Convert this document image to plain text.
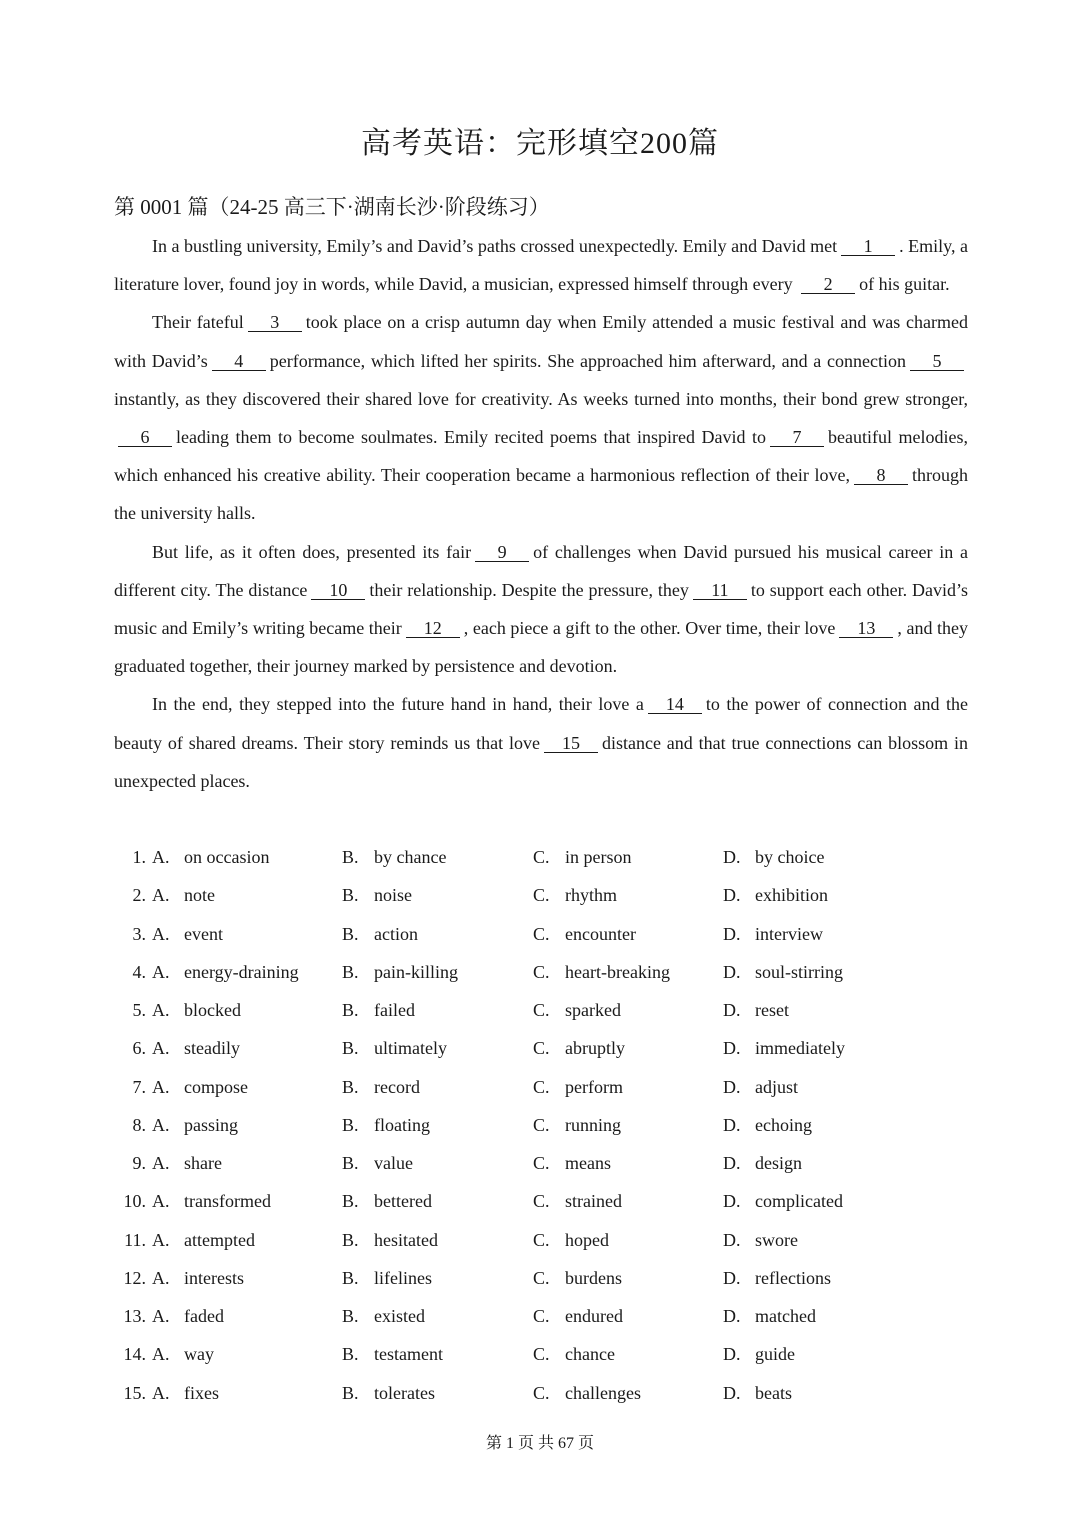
高考英语：完形填空200篇
第 0001 篇（24-25 高三下·湖南长沙·阶段练习）

In a bustling university, Emily’s and David’s paths crossed unexpectedly. Emily and David met 1 . Emily, a literature lover, found joy in words, while David, a musician, expressed himself through every 2 of his guitar.

Their fateful 3 took place on a crisp autumn day when Emily attended a music festival and was charmed with David’s 4 performance, which lifted her spirits. She approached him afterward, and a connection 5instantly, as they discovered their shared love for creativity. As weeks turned into months, their bond grew stronger,6 leading them to become soulmates. Emily recited poems that inspired David to 7 beautiful melodies, which enhanced his creative ability. Their cooperation became a harmonious reflection of their love, 8 through the university halls.

But life, as it often does, presented its fair 9 of challenges when David pursued his musical career in a different city. The distance 10 their relationship. Despite the pressure, they 11 to support each other. David’s music and Emily’s writing became their 12 , each piece a gift to the other. Over time, their love 13 , and they graduated together, their journey marked by persistence and devotion.

In the end, they stepped into the future hand in hand, their love a 14 to the power of connection and the beauty of shared dreams. Their story reminds us that love 15 distance and that true connections can blossom in unexpected places.

1 . A . on occasion	B . by chance	C . in person	D . by choice
2 . A . note	B . noise	C . rhythm	D . exhibition
3 . A . event	B . action	C . encounter	D . interview
4 . A . energy-draining B . pain-killing	C . heart-breaking	D . soul-stirring
5 . A . blocked	B . failed	C . sparked	D . reset
6 . A . steadily	B . ultimately	C . abruptly	D . immediately
7 . A . compose	B . record	C . perform	D . adjust
8 . A . passing	B . floating	C . running	D . echoing
9 . A . share	B . value	C . means	D . design
10 . A . transformed	B . bettered	C . strained	D . complicated
11 . A . attempted	B . hesitated	C . hoped	D . swore
12 . A . interests	B . lifelines	C . burdens	D . reflections
13 . A . faded	B . existed	C . endured	D . matched
14 . A . way	B . testament	C . chance	D . guide
15 . A . fixes	B . tolerates	C . challenges	D . beats
第 1 页 共 67 页
